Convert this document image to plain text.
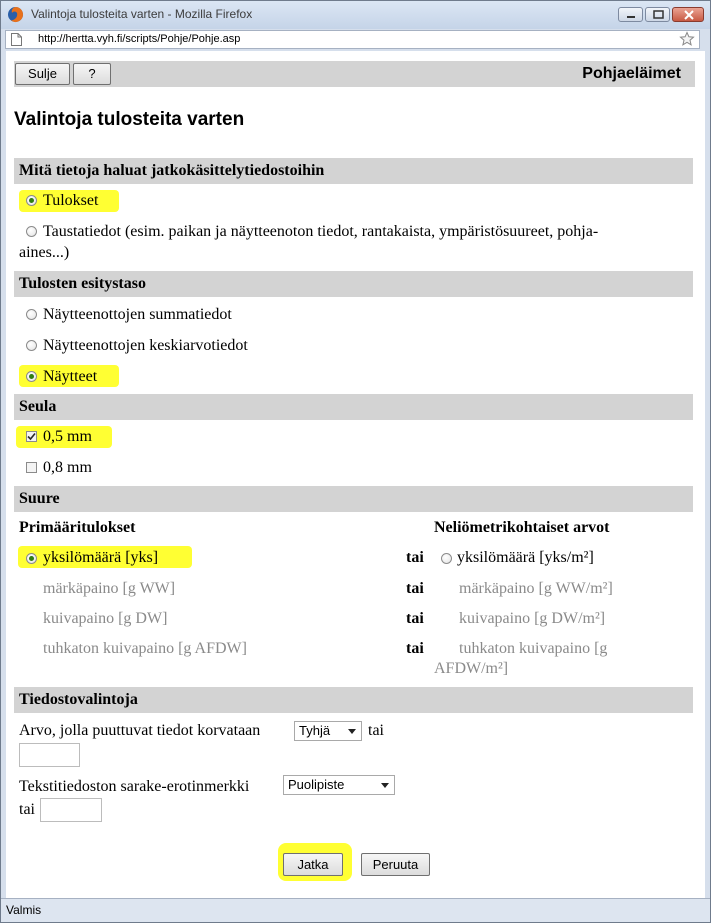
Valintoja tulosteita varten - Mozilla Firefox
http://hertta.vyh.fi/scripts/Pohje/Pohje.asp
Sulje	?	Pohjaeläimet
Valintoja tulosteita varten
Mitä tietoja haluat jatkokäsittelytiedostoihin
Tulokset
Taustatiedot (esim. paikan ja näytteenoton tiedot, rantakaista, ympäristösuureet, pohja-
aines...)
Tulosten esitystaso
Näytteenottojen summatiedot
Näytteenottojen keskiarvotiedot
Näytteet
Seula
0,5 mm
0,8 mm
Suure
Primääritulokset	Neliömetrikohtaiset arvot
yksilömäärä [yks]	tai yksilömäärä [yks/m²]
märkäpaino [g WW]	tai märkäpaino [g WW/m²]
kuivapaino [g DW]	tai kuivapaino [g DW/m²]
tuhkaton kuivapaino [g AFDW]	tai tuhkaton kuivapaino [g
AFDW/m²]
Tiedostovalintoja
Arvo, jolla puuttuvat tiedot korvataan	Tyhjä	tai
Tekstitiedoston sarake-erotinmerkki	Puolipiste
tai
Jatka	Peruuta
Valmis
